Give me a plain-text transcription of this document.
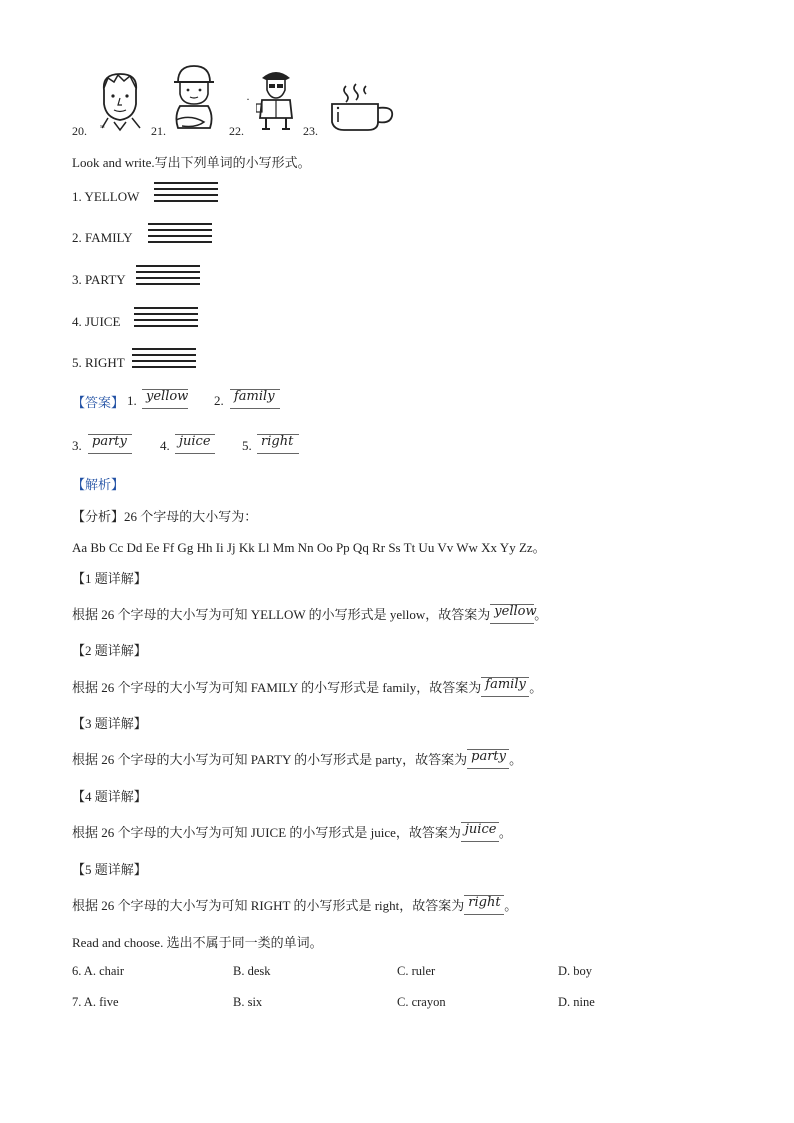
20. ᴺᴵ	21.	22.
·
23.
Look and write.写出下列单词的小写形式。
1. YELLOW
2. FAMILY
3. PARTY
4. JUICE
5. RIGHT
【答案】 1. yellow 2. family
3. party	4. juice 5. right
【解析】
【分析】26 个字母的大小写为：
Aa Bb Cc Dd Ee Ff Gg Hh Ii Jj Kk Ll Mm Nn Oo Pp Qq Rr Ss Tt Uu Vv Ww Xx Yy Zz。
【1 题详解】
根据 26 个字母的大小写为可知 YELLOW 的小写形式是 yellow，故答案为 yellow
。
【2 题详解】
根据 26 个字母的大小写为可知 FAMILY 的小写形式是 family，故答案为 family 。
【3 题详解】
根据 26 个字母的大小写为可知 PARTY 的小写形式是 party，故答案为 party 。
【4 题详解】
根据 26 个字母的大小写为可知 JUICE 的小写形式是 juice，故答案为 juice 。
【5 题详解】
根据 26 个字母的大小写为可知 RIGHT 的小写形式是 right，故答案为 right 。
Read and choose. 选出不属于同一类的单词。
6. A. chair	B. desk	C. ruler	D. boy
7. A. five	B. six	C. crayon	D. nine
